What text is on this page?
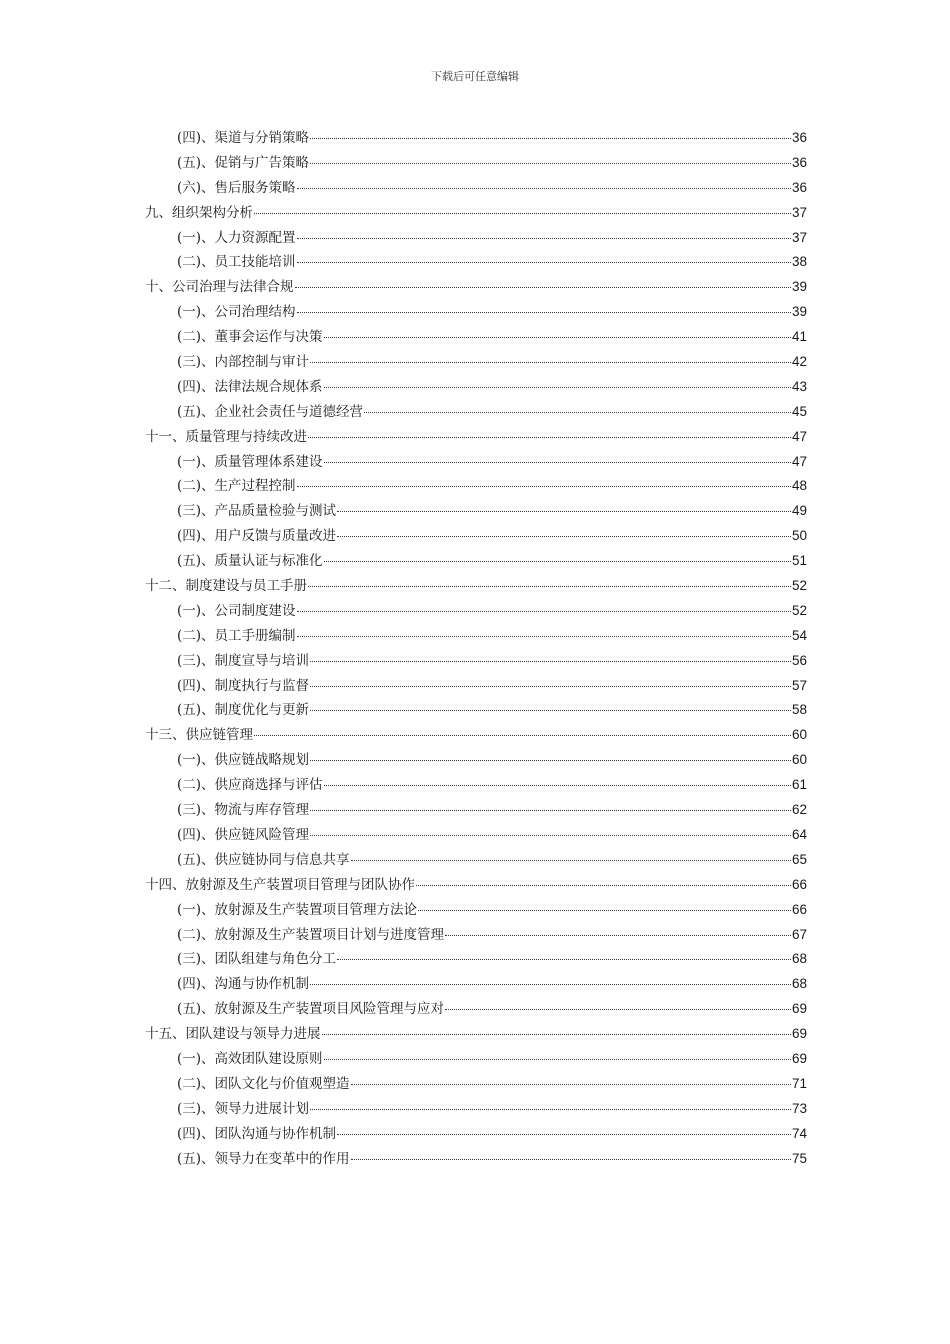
下载后可任意编辑
(四)、渠道与分销策略	36
(五)、促销与广告策略	36
(六)、售后服务策略	36
九、组织架构分析	37
(一)、人力资源配置	37
(二)、员工技能培训	38
十、公司治理与法律合规	39
(一)、公司治理结构	39
(二)、董事会运作与决策	41
(三)、内部控制与审计	42
(四)、法律法规合规体系	43
(五)、企业社会责任与道德经营	45
十一、质量管理与持续改进	47
(一)、质量管理体系建设	47
(二)、生产过程控制	48
(三)、产品质量检验与测试	49
(四)、用户反馈与质量改进	50
(五)、质量认证与标准化	51
十二、制度建设与员工手册	52
(一)、公司制度建设	52
(二)、员工手册编制	54
(三)、制度宣导与培训	56
(四)、制度执行与监督	57
(五)、制度优化与更新	58
十三、供应链管理	60
(一)、供应链战略规划	60
(二)、供应商选择与评估	61
(三)、物流与库存管理	62
(四)、供应链风险管理	64
(五)、供应链协同与信息共享	65
十四、放射源及生产装置项目管理与团队协作	66
(一)、放射源及生产装置项目管理方法论	66
(二)、放射源及生产装置项目计划与进度管理	67
(三)、团队组建与角色分工	68
(四)、沟通与协作机制	68
(五)、放射源及生产装置项目风险管理与应对	69
十五、团队建设与领导力进展	69
(一)、高效团队建设原则	69
(二)、团队文化与价值观塑造	71
(三)、领导力进展计划	73
(四)、团队沟通与协作机制	74
(五)、领导力在变革中的作用	75
